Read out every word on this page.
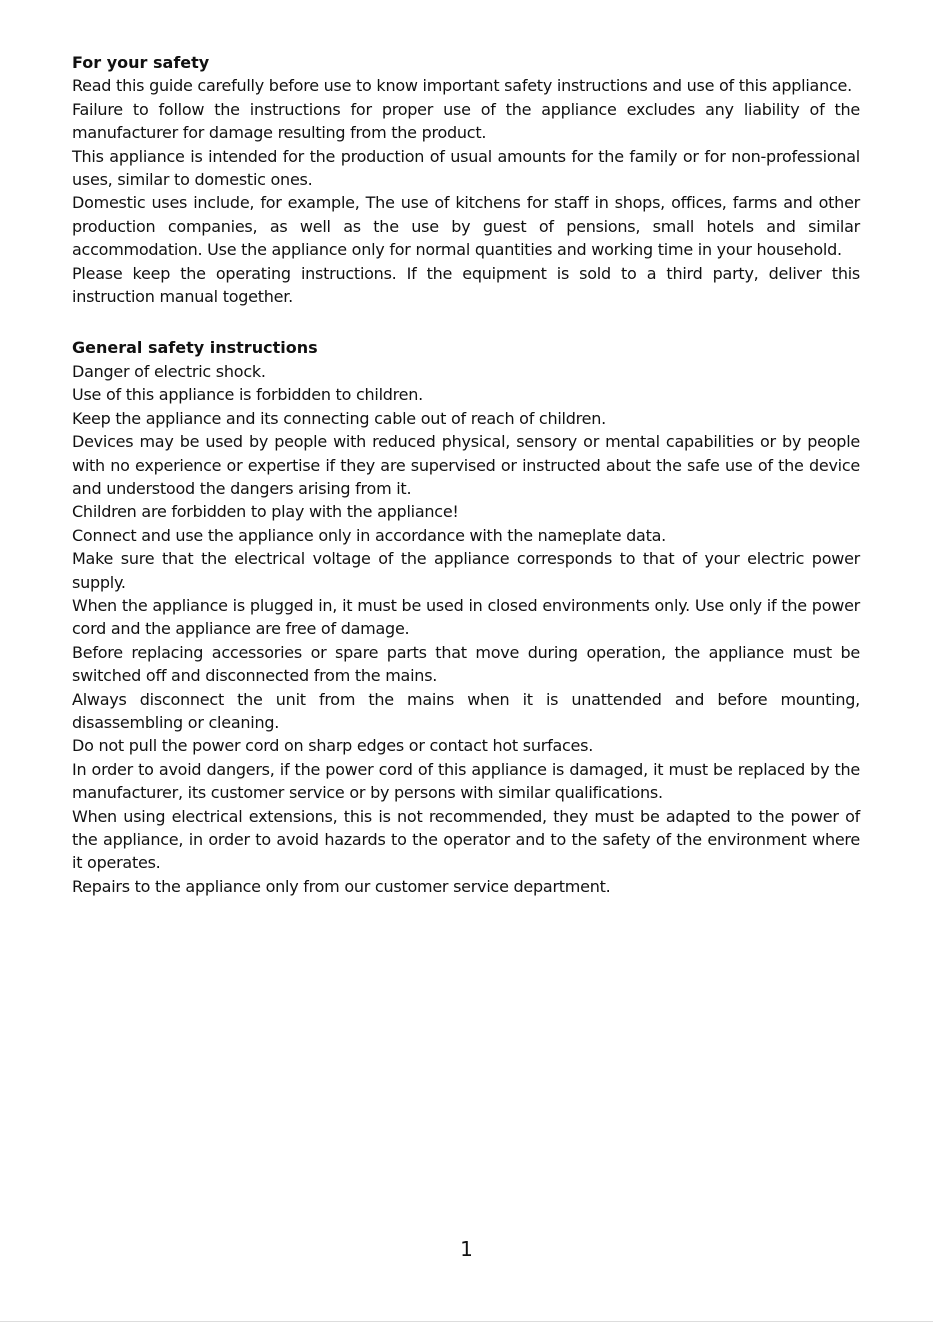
For your safety

Read this guide carefully before use to know important safety instructions and use of this appliance.

Failure to follow the instructions for proper use of the appliance excludes any liability of the manufacturer for damage resulting from the product.

This appliance is intended for the production of usual amounts for the family or for non-professional uses, similar to domestic ones.

Domestic uses include, for example, The use of kitchens for staff in shops, offices, farms and other production companies, as well as the use by guest of pensions, small hotels and similar accommodation. Use the appliance only for normal quantities and working time in your household.

Please keep the operating instructions. If the equipment is sold to a third party, deliver this instruction manual together.

General safety instructions

Danger of electric shock.

Use of this appliance is forbidden to children.

Keep the appliance and its connecting cable out of reach of children.

Devices may be used by people with reduced physical, sensory or mental capabilities or by people with no experience or expertise if they are supervised or instructed about the safe use of the device and understood the dangers arising from it.

Children are forbidden to play with the appliance!

Connect and use the appliance only in accordance with the nameplate data.

Make sure that the electrical voltage of the appliance corresponds to that of your electric power supply.

When the appliance is plugged in, it must be used in closed environments only. Use only if the power cord and the appliance are free of damage.

Before replacing accessories or spare parts that move during operation, the appliance must be switched off and disconnected from the mains.

Always disconnect the unit from the mains when it is unattended and before mounting, disassembling or cleaning.

Do not pull the power cord on sharp edges or contact hot surfaces.

In order to avoid dangers, if the power cord of this appliance is damaged, it must be replaced by the manufacturer, its customer service or by persons with similar qualifications.

When using electrical extensions, this is not recommended, they must be adapted to the power of the appliance, in order to avoid hazards to the operator and to the safety of the environment where it operates.

Repairs to the appliance only from our customer service department.

1
